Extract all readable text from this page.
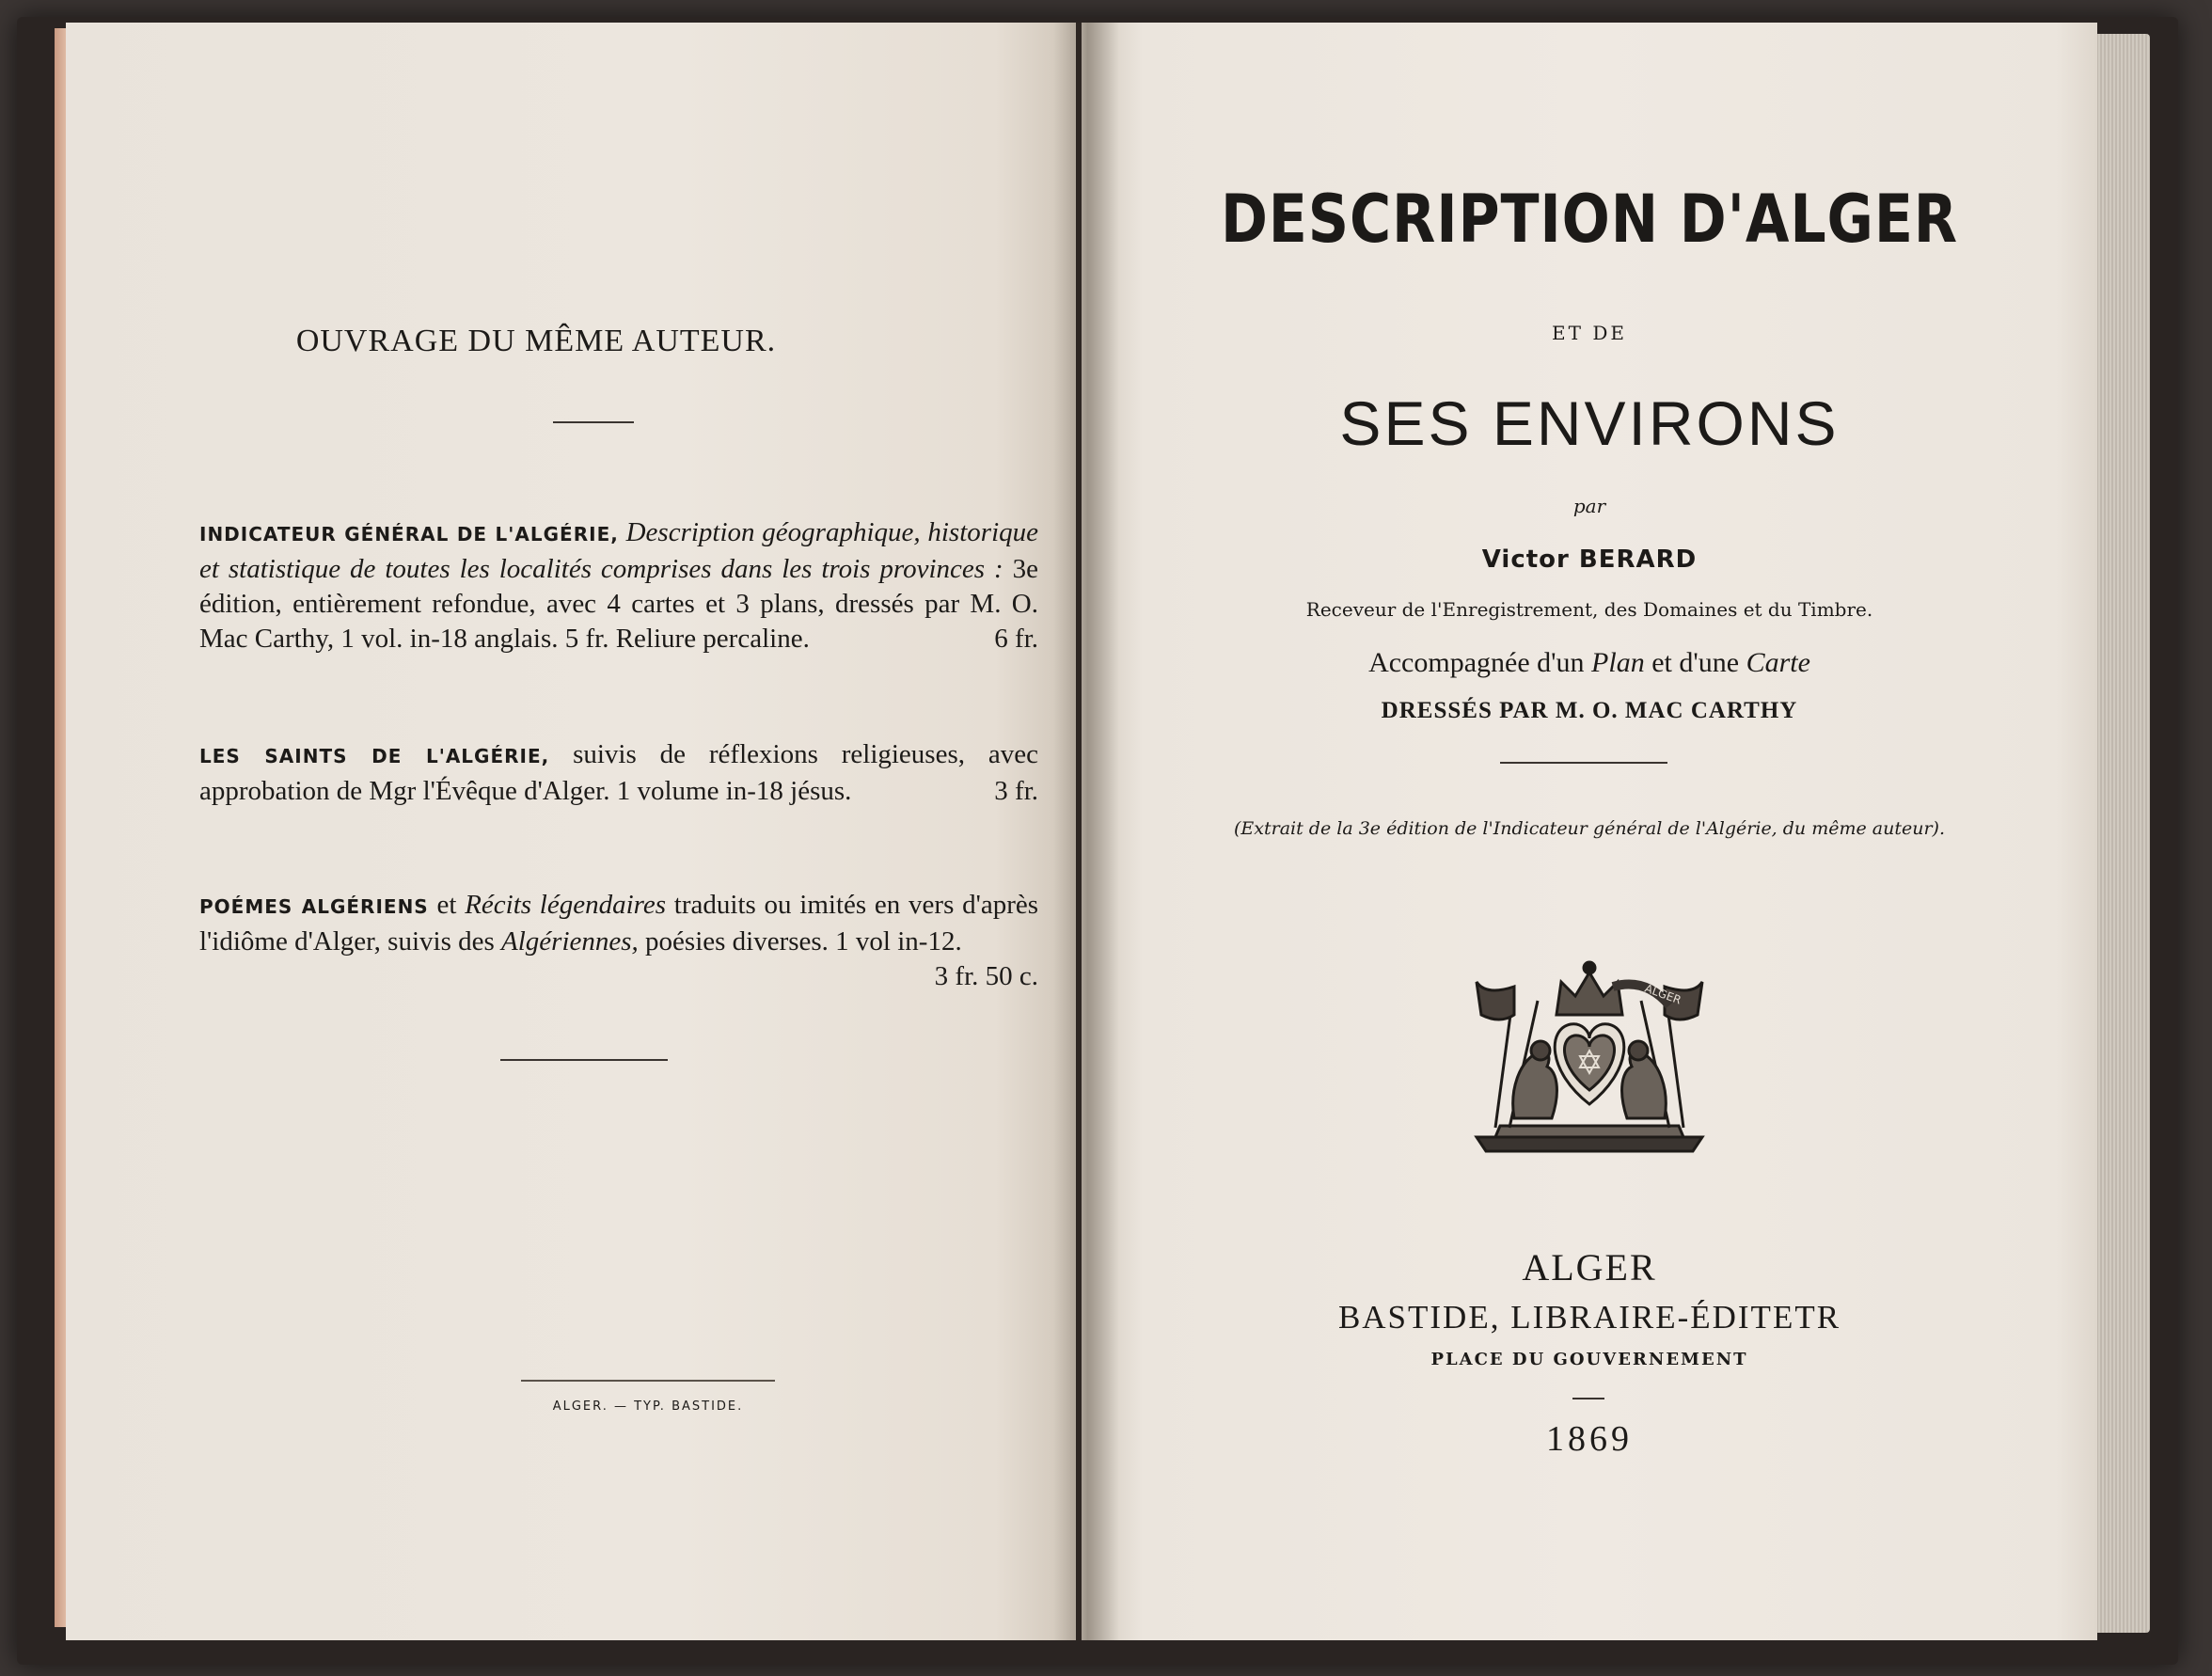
OUVRAGE DU MÊME AUTEUR.
INDICATEUR GÉNÉRAL DE L'ALGÉRIE, Description géographique, historique et statistique de toutes les localités comprises dans les trois provinces : 3e édition, entièrement refondue, avec 4 cartes et 3 plans, dressés par M. O. Mac Carthy, 1 vol. in-18 anglais. 5 fr. Reliure percaline.	6 fr.
LES SAINTS DE L'ALGÉRIE, suivis de réflexions religieuses, avec approbation de Mgr l'Évêque d'Alger. 1 volume in-18 jésus.	3 fr.
POÉMES ALGÉRIENS et Récits légendaires traduits ou imités en vers d'après l'idiôme d'Alger, suivis des Algériennes, poésies diverses. 1 vol in-12.
3 fr. 50 c.
ALGER. — TYP. BASTIDE.
DESCRIPTION D'ALGER
ET DE
SES ENVIRONS
par
Victor BERARD
Receveur de l'Enregistrement, des Domaines et du Timbre.
Accompagnée d'un Plan et d'une Carte
DRESSÉS PAR M. O. MAC CARTHY
(Extrait de la 3e édition de l'Indicateur général de l'Algérie, du même auteur).
ALGER
ALGER
BASTIDE, LIBRAIRE-ÉDITETR
PLACE DU GOUVERNEMENT
1869
